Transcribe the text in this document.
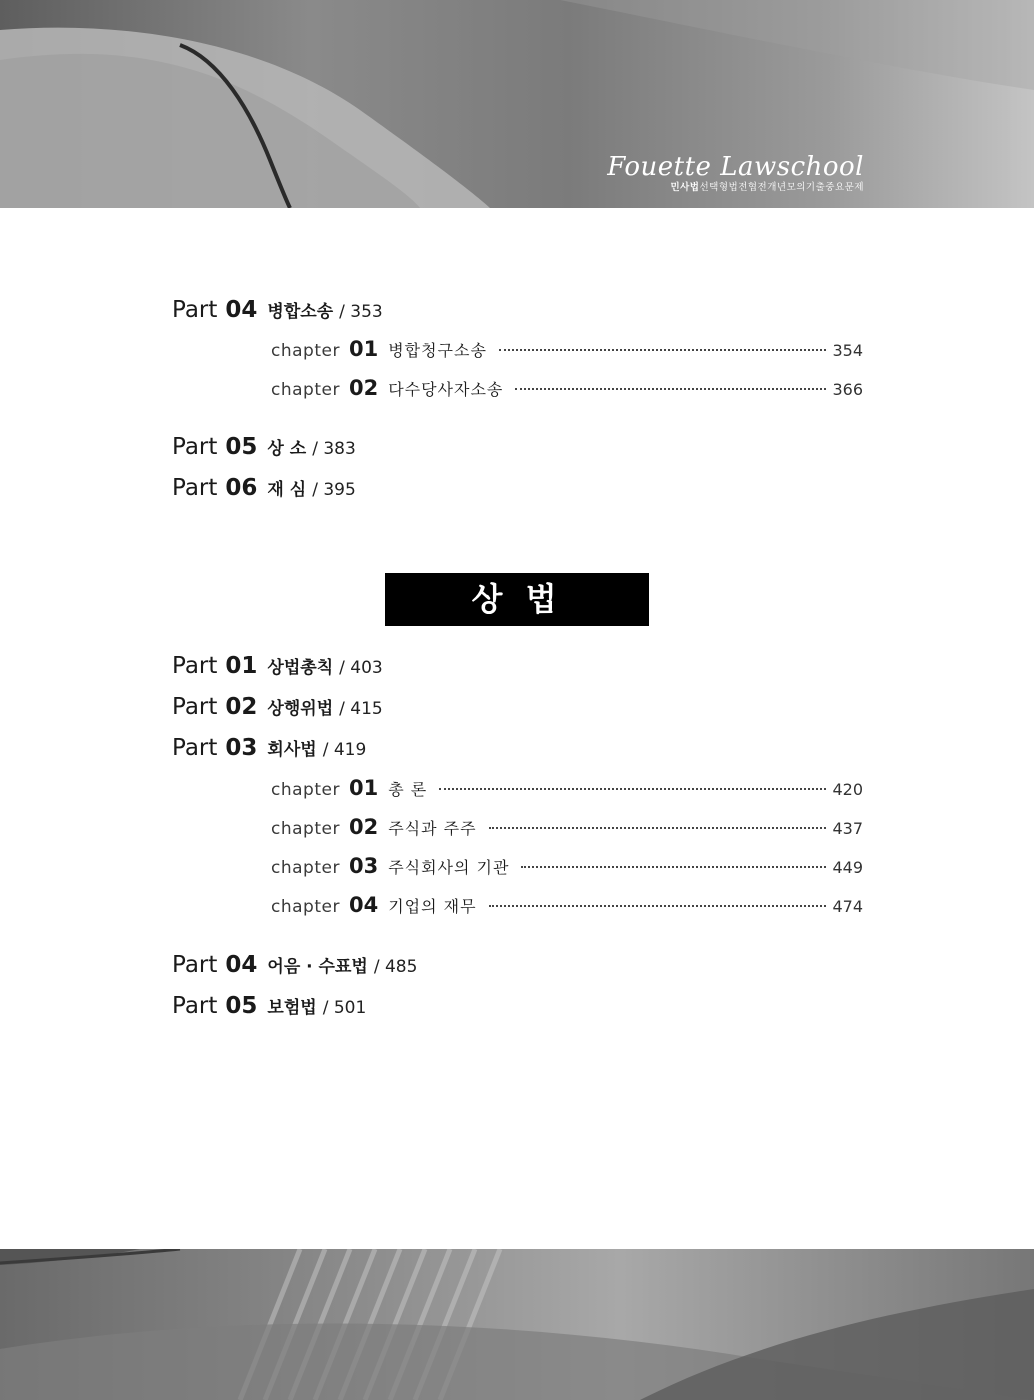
Fouette Lawschool
민사법선택형법전협전개년모의기출중요문제
Part 04 병합소송 / 353
chapter 01 병합청구소송	354
chapter 02 다수당사자소송	366
Part 05 상 소 / 383
Part 06 재 심 / 395
상 법
Part 01 상법총칙 / 403
Part 02 상행위법 / 415
Part 03 회사법 / 419
chapter 01 총 론	420
chapter 02 주식과 주주	437
chapter 03 주식회사의 기관	449
chapter 04 기업의 재무	474
Part 04 어음 · 수표법 / 485
Part 05 보험법 / 501
